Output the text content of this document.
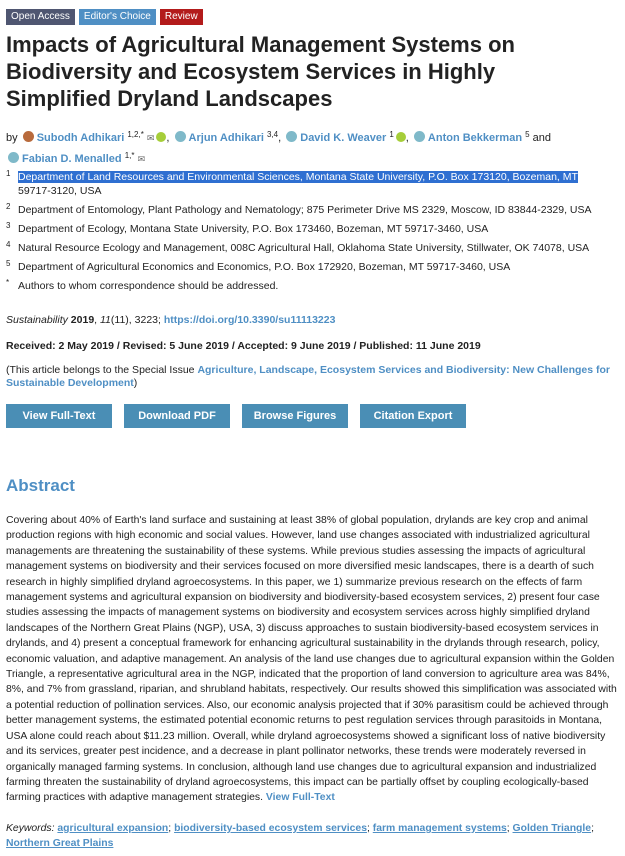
Open Access	Editor's Choice	Review
Impacts of Agricultural Management Systems on Biodiversity and Ecosystem Services in Highly Simplified Dryland Landscapes
by Subodh Adhikari $^{1,2,*}$ ✉ , Arjun Adhikari $^{3,4}$, David K. Weaver $^1$ , Anton Bekkerman $^5$ and
Fabian D. Menalled $^{1,*}$ ✉
1 Department of Land Resources and Environmental Sciences, Montana State University, P.O. Box 173120, Bozeman, MT
59717-3120, USA
2 Department of Entomology, Plant Pathology and Nematology; 875 Perimeter Drive MS 2329, Moscow, ID 83844-2329, USA
3 Department of Ecology, Montana State University, P.O. Box 173460, Bozeman, MT 59717-3460, USA
4 Natural Resource Ecology and Management, 008C Agricultural Hall, Oklahoma State University, Stillwater, OK 74078, USA
5 Department of Agricultural Economics and Economics, P.O. Box 172920, Bozeman, MT 59717-3460, USA
* Authors to whom correspondence should be addressed.
Sustainability 2019, 11(11), 3223; https://doi.org/10.3390/su11113223
Received: 2 May 2019 / Revised: 5 June 2019 / Accepted: 9 June 2019 / Published: 11 June 2019
(This article belongs to the Special Issue Agriculture, Landscape, Ecosystem Services and Biodiversity: New Challenges for Sustainable Development)
View Full-Text	Download PDF	Browse Figures	Citation Export
Abstract

Covering about 40% of Earth's land surface and sustaining at least 38% of global population, drylands are key crop and animal production regions with high economic and social values. However, land use changes associated with industrialized agricultural managements are threatening the sustainability of these systems. While previous studies assessing the impacts of agricultural management systems on biodiversity and their services focused on more diversified mesic landscapes, there is a dearth of such research in highly simplified dryland agroecosystems. In this paper, we 1) summarize previous research on the effects of farm management systems and agricultural expansion on biodiversity and biodiversity-based ecosystem services, 2) present four case studies assessing the impacts of management systems on biodiversity and ecosystem services across highly simplified dryland landscapes of the Northern Great Plains (NGP), USA, 3) discuss approaches to sustain biodiversity-based ecosystem services in drylands, and 4) present a conceptual framework for enhancing agricultural sustainability in the drylands through research, policy, economic valuation, and adaptive management. An analysis of the land use changes due to agricultural expansion within the Golden Triangle, a representative agricultural area in the NGP, indicated that the proportion of land conversion to agriculture area was 84%, 8%, and 7% from grassland, riparian, and shrubland habitats, respectively. Our results showed this simplification was associated with a potential reduction of pollination services. Also, our economic analysis projected that if 30% parasitism could be achieved through better management systems, the estimated potential economic returns to pest regulation services through parasitoids in Montana, USA alone could reach about $11.23 million. Overall, while dryland agroecosystems showed a significant loss of native biodiversity and its services, greater pest incidence, and a decrease in plant pollinator networks, these trends were moderately reversed in organically managed farming systems. In conclusion, although land use changes due to agricultural expansion and industrialized farming threaten the sustainability of dryland agroecosystems, this impact can be partially offset by coupling ecologically-based farming practices with adaptive management strategies. View Full-Text

Keywords: agricultural expansion; biodiversity-based ecosystem services; farm management systems; Golden Triangle; Northern Great Plains
